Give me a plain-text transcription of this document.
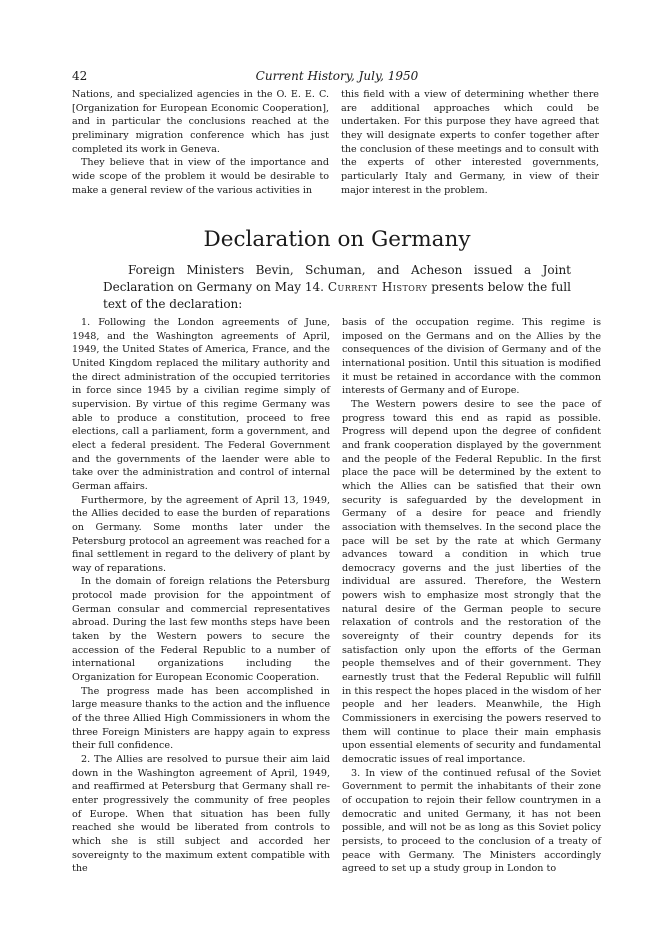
42	Current History, July, 1950

Nations, and specialized agencies in the O. E. E. C. [Organization for European Economic Cooperation], and in particular the conclusions reached at the preliminary migration conference which has just completed its work in Geneva.

They believe that in view of the importance and wide scope of the problem it would be desirable to make a general review of the various activities in

this field with a view of determining whether there are additional approaches which could be undertaken. For this purpose they have agreed that they will designate experts to confer together after the conclusion of these meetings and to consult with the experts of other interested governments, particularly Italy and Germany, in view of their major interest in the problem.

Declaration on Germany

Foreign Ministers Bevin, Schuman, and Acheson issued a Joint Declaration on Germany on May 14. Current History presents below the full text of the declaration:

1. Following the London agreements of June, 1948, and the Washington agreements of April, 1949, the United States of America, France, and the United Kingdom replaced the military authority and the direct administration of the occupied territories in force since 1945 by a civilian regime simply of supervision. By virtue of this regime Germany was able to produce a constitution, proceed to free elections, call a parliament, form a government, and elect a federal president. The Federal Government and the governments of the laender were able to take over the administration and control of internal German affairs.

Furthermore, by the agreement of April 13, 1949, the Allies decided to ease the burden of reparations on Germany. Some months later under the Petersburg protocol an agreement was reached for a final settlement in regard to the delivery of plant by way of reparations.

In the domain of foreign relations the Petersburg protocol made provision for the appointment of German consular and commercial representatives abroad. During the last few months steps have been taken by the Western powers to secure the accession of the Federal Republic to a number of international organizations including the Organization for European Economic Cooperation.

The progress made has been accomplished in large measure thanks to the action and the influence of the three Allied High Commissioners in whom the three Foreign Ministers are happy again to express their full confidence.

2. The Allies are resolved to pursue their aim laid down in the Washington agreement of April, 1949, and reaffirmed at Petersburg that Germany shall re-enter progressively the community of free peoples of Europe. When that situation has been fully reached she would be liberated from controls to which she is still subject and accorded her sovereignty to the maximum extent compatible with the

basis of the occupation regime. This regime is imposed on the Germans and on the Allies by the consequences of the division of Germany and of the international position. Until this situation is modified it must be retained in accordance with the common interests of Germany and of Europe.

The Western powers desire to see the pace of progress toward this end as rapid as possible. Progress will depend upon the degree of confident and frank cooperation displayed by the government and the people of the Federal Republic. In the first place the pace will be determined by the extent to which the Allies can be satisfied that their own security is safeguarded by the development in Germany of a desire for peace and friendly association with themselves. In the second place the pace will be set by the rate at which Germany advances toward a condition in which true democracy governs and the just liberties of the individual are assured. Therefore, the Western powers wish to emphasize most strongly that the natural desire of the German people to secure relaxation of controls and the restoration of the sovereignty of their country depends for its satisfaction only upon the efforts of the German people themselves and of their government. They earnestly trust that the Federal Republic will fulfill in this respect the hopes placed in the wisdom of her people and her leaders. Meanwhile, the High Commissioners in exercising the powers reserved to them will continue to place their main emphasis upon essential elements of security and fundamental democratic issues of real importance.

3. In view of the continued refusal of the Soviet Government to permit the inhabitants of their zone of occupation to rejoin their fellow countrymen in a democratic and united Germany, it has not been possible, and will not be as long as this Soviet policy persists, to proceed to the conclusion of a treaty of peace with Germany. The Ministers accordingly agreed to set up a study group in London to
